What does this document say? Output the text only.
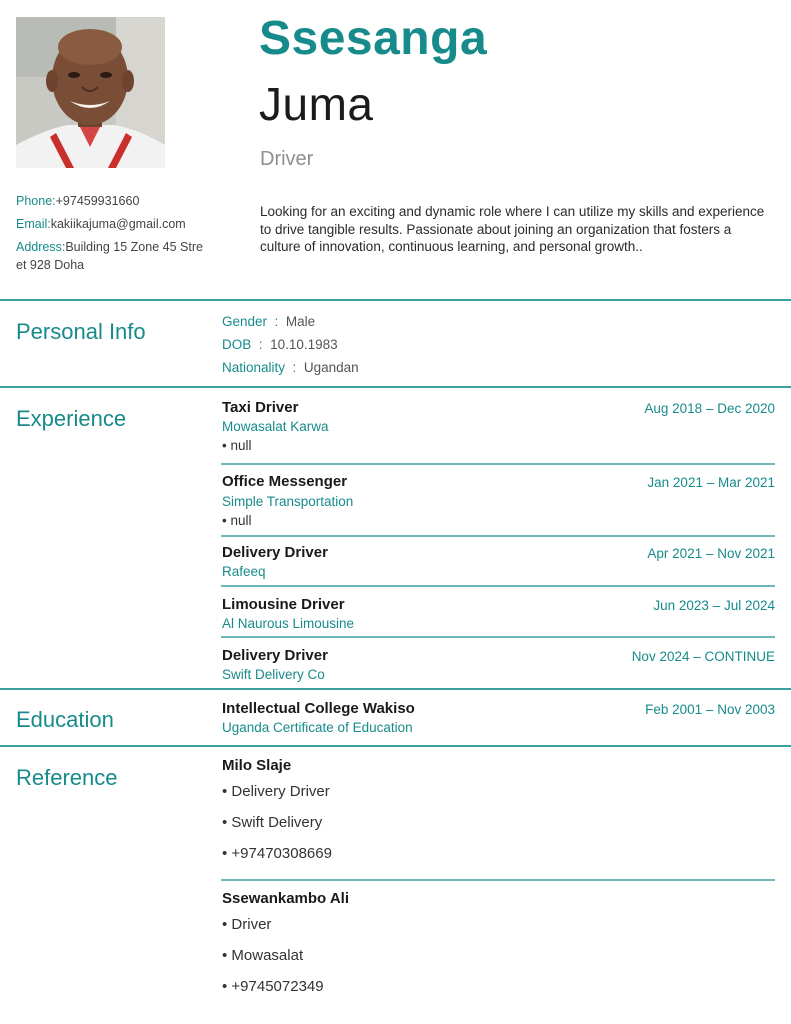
Ssesanga
Juma
Driver
Phone:+97459931660
Email:kakiikajuma@gmail.com
Address:Building 15 Zone 45 Stre
et 928 Doha
Looking for an exciting and dynamic role where I can utilize my skills and experience to drive tangible results. Passionate about joining an organization that fosters a culture of innovation, continuous learning, and personal growth..
Personal Info	Gender : Male
DOB : 10.10.1983
Nationality : Ugandan
Experience	Taxi Driver	Aug 2018 – Dec 2020
Mowasalat Karwa
• null
Office Messenger	Jan 2021 – Mar 2021
Simple Transportation
• null
Delivery Driver	Apr 2021 – Nov 2021
Rafeeq
Limousine Driver	Jun 2023 – Jul 2024
Al Naurous Limousine
Delivery Driver	Nov 2024 – CONTINUE
Swift Delivery Co
Education	Intellectual College Wakiso	Feb 2001 – Nov 2003
Uganda Certificate of Education
Reference	Milo Slaje
• Delivery Driver
• Swift Delivery
• +97470308669
Ssewankambo Ali
• Driver
• Mowasalat
• +9745072349
